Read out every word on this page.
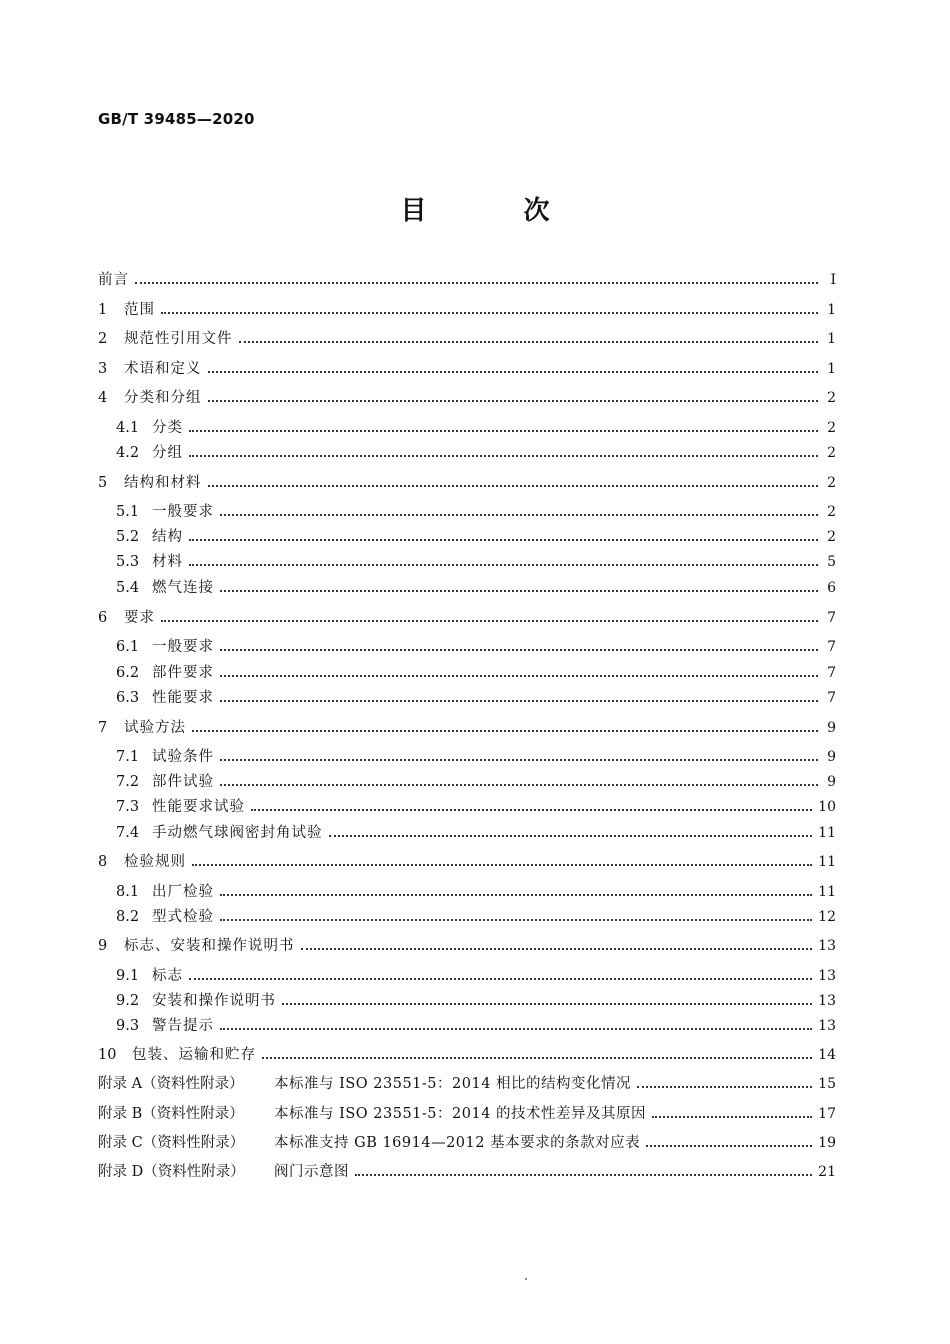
GB/T 39485—2020
目 次
前言	Ⅰ
1	范围	1
2	规范性引用文件	1
3	术语和定义	1
4	分类和分组	2
4.1 分类	2
4.2 分组	2
5	结构和材料	2
5.1 一般要求	2
5.2 结构	2
5.3 材料	5
5.4 燃气连接	6
6	要求	7
6.1 一般要求	7
6.2 部件要求	7
6.3 性能要求	7
7	试验方法	9
7.1 试验条件	9
7.2 部件试验	9
7.3 性能要求试验	10
7.4 手动燃气球阀密封角试验	11
8	检验规则	11
8.1 出厂检验	11
8.2 型式检验	12
9	标志、安装和操作说明书	13
9.1 标志	13
9.2 安装和操作说明书	13
9.3 警告提示	13
10	包装、运输和贮存	14
附录 A（资料性附录）	本标准与 ISO 23551-5：2014 相比的结构变化情况	15
附录 B（资料性附录）	本标准与 ISO 23551-5：2014 的技术性差异及其原因	17
附录 C（资料性附录）	本标准支持 GB 16914—2012 基本要求的条款对应表	19
附录 D（资料性附录）	阀门示意图	21
